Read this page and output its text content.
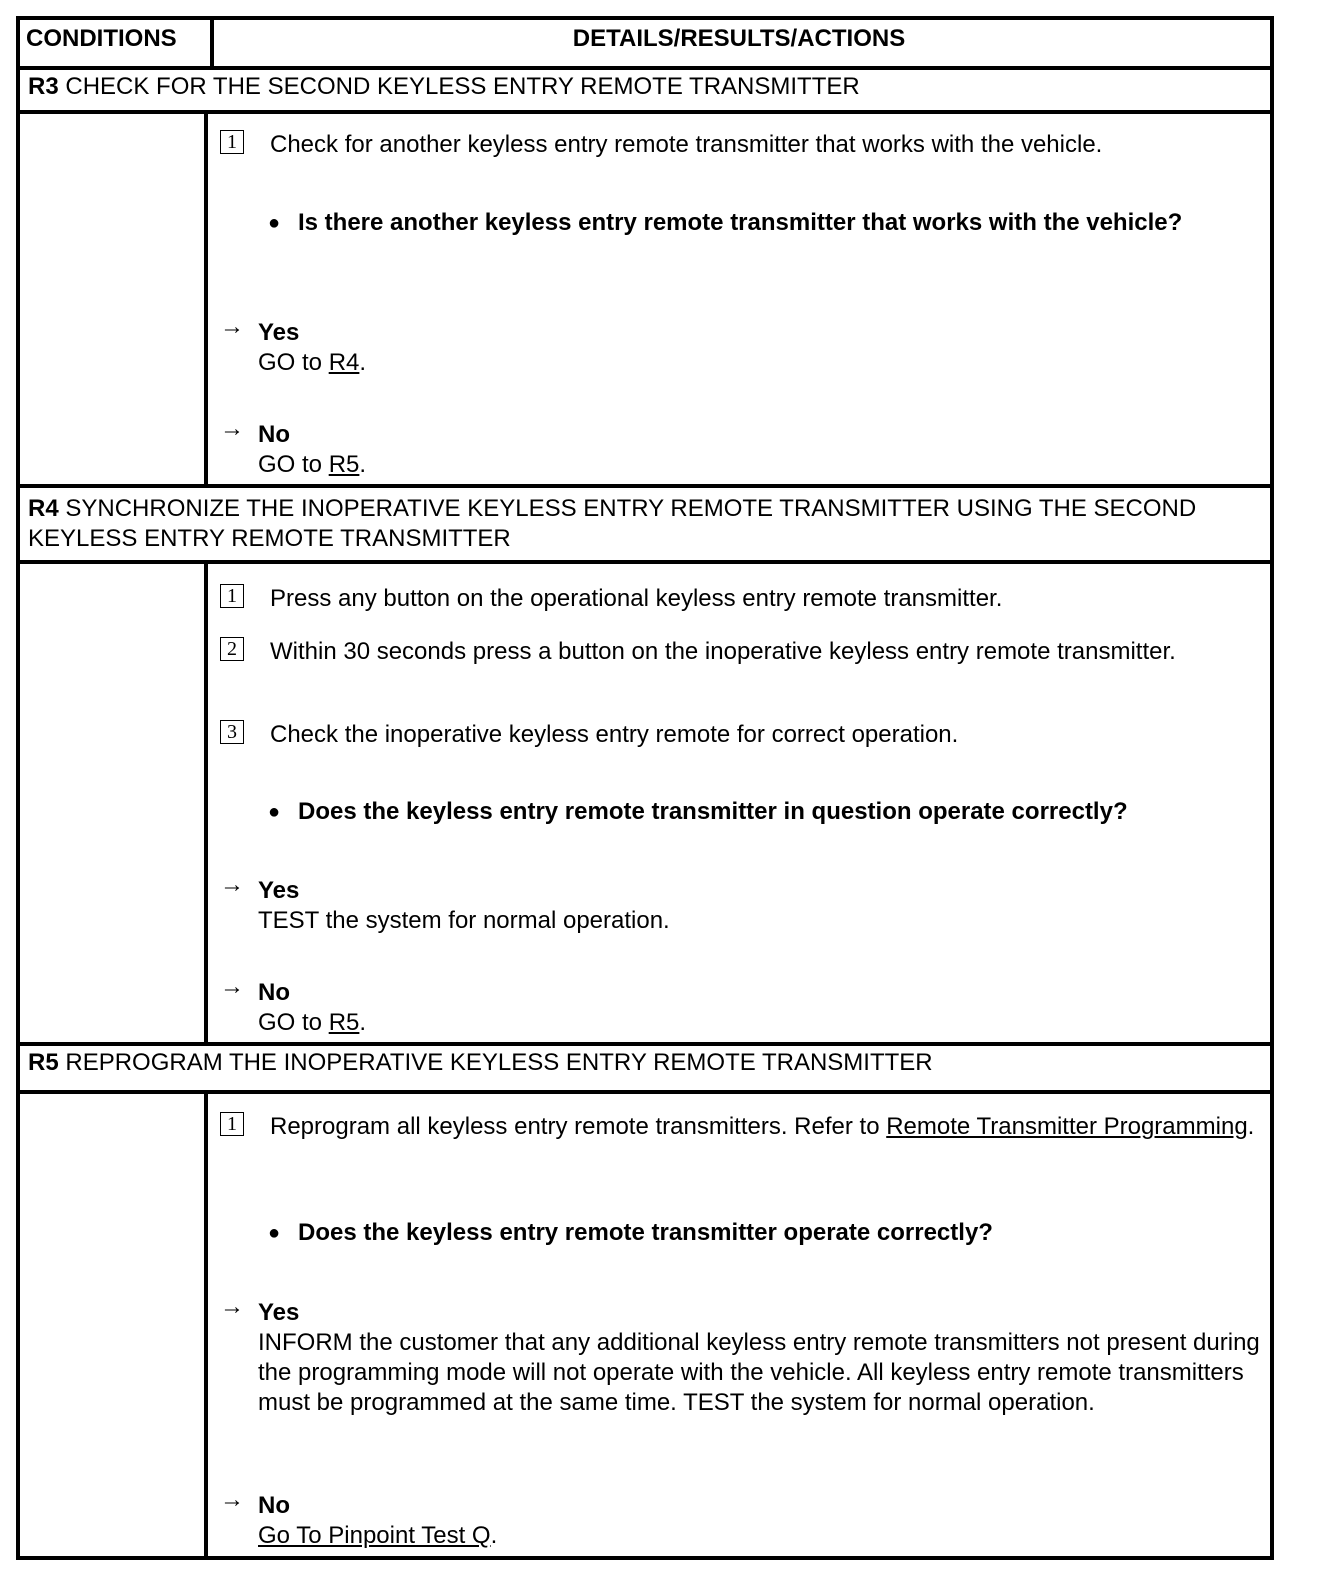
CONDITIONS	DETAILS/RESULTS/ACTIONS
R3 CHECK FOR THE SECOND KEYLESS ENTRY REMOTE TRANSMITTER
1 Check for another keyless entry remote transmitter that works with the vehicle.
● Is there another keyless entry remote transmitter that works with the vehicle?
→ Yes
GO to R4.
→ No
GO to R5.
R4 SYNCHRONIZE THE INOPERATIVE KEYLESS ENTRY REMOTE TRANSMITTER USING THE SECOND KEYLESS ENTRY REMOTE TRANSMITTER
1 Press any button on the operational keyless entry remote transmitter.
2 Within 30 seconds press a button on the inoperative keyless entry remote transmitter.
3 Check the inoperative keyless entry remote for correct operation.
● Does the keyless entry remote transmitter in question operate correctly?
→ Yes
TEST the system for normal operation.
→ No
GO to R5.
R5 REPROGRAM THE INOPERATIVE KEYLESS ENTRY REMOTE TRANSMITTER
1 Reprogram all keyless entry remote transmitters. Refer to Remote Transmitter Programming.
● Does the keyless entry remote transmitter operate correctly?
→ Yes
INFORM the customer that any additional keyless entry remote transmitters not present during the programming mode will not operate with the vehicle. All keyless entry remote transmitters must be programmed at the same time. TEST the system for normal operation.
→ No
Go To Pinpoint Test Q.
